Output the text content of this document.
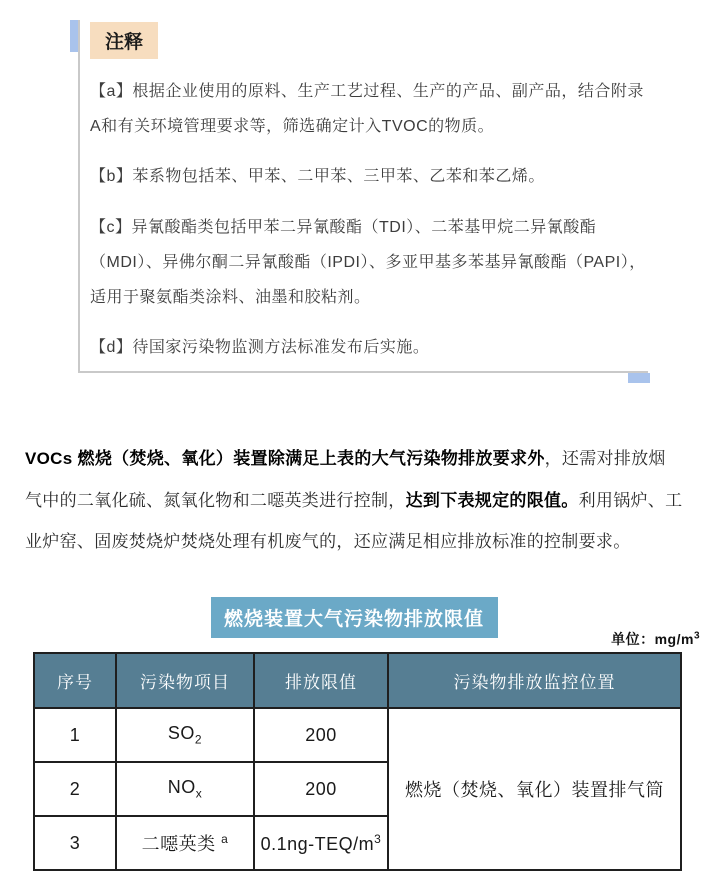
注释

【a】根据企业使用的原料、生产工艺过程、生产的产品、副产品，结合附录A和有关环境管理要求等，筛选确定计入TVOC的物质。

【b】苯系物包括苯、甲苯、二甲苯、三甲苯、乙苯和苯乙烯。

【c】异氰酸酯类包括甲苯二异氰酸酯（TDI）、二苯基甲烷二异氰酸酯（MDI）、异佛尔酮二异氰酸酯（IPDI）、多亚甲基多苯基异氰酸酯（PAPI），适用于聚氨酯类涂料、油墨和胶粘剂。

【d】待国家污染物监测方法标准发布后实施。

VOCs 燃烧（焚烧、氧化）装置除满足上表的大气污染物排放要求外，还需对排放烟气中的二氧化硫、氮氧化物和二噁英类进行控制，达到下表规定的限值。利用锅炉、工业炉窑、固废焚烧炉焚烧处理有机废气的，还应满足相应排放标准的控制要求。

燃烧装置大气污染物排放限值
单位：$mg/m^3$
序号	污染物项目	排放限值	污染物排放监控位置
1	$SO_2$	200	燃烧（焚烧、氧化）装置排气筒
2	$NO_x$	200	
3	二噁英类 $^a$	$0.1ng-TEQ/m^3$
